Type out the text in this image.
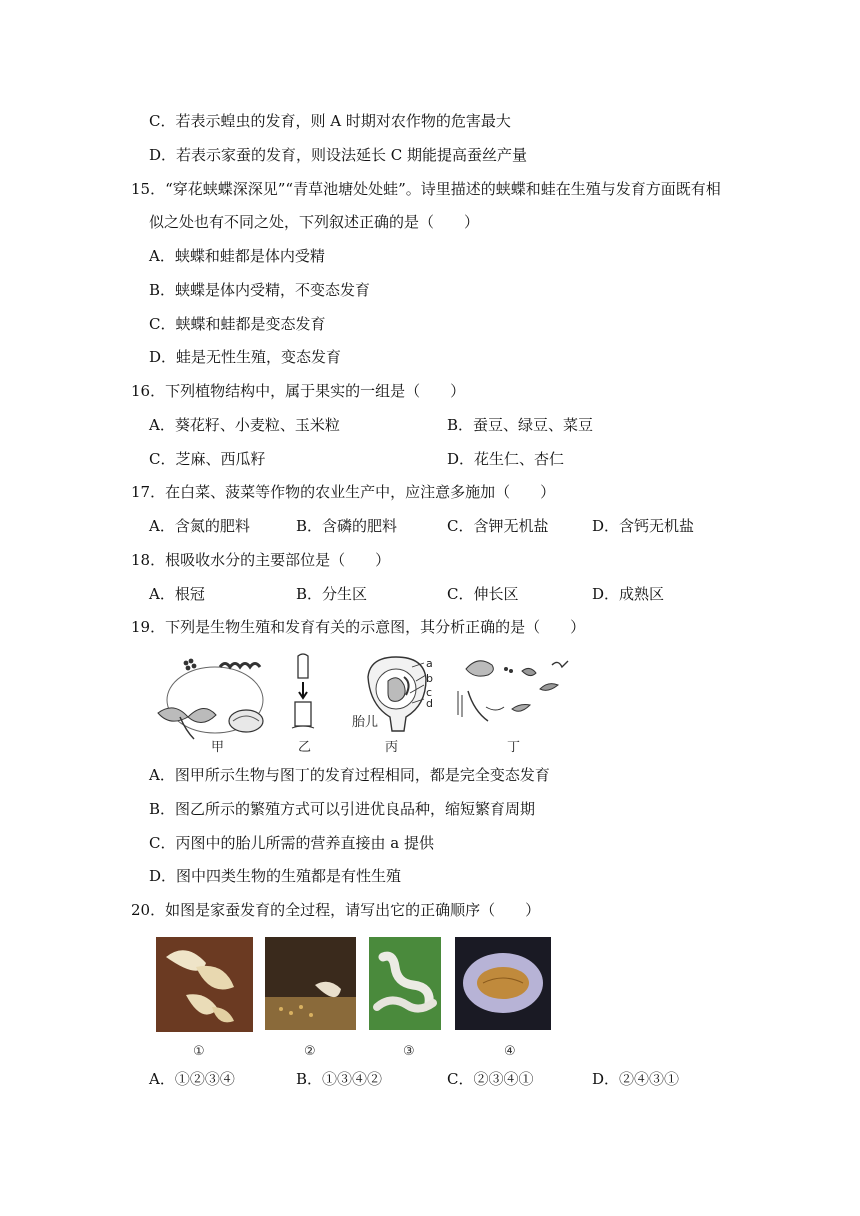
C．若表示蝗虫的发育，则 A 时期对农作物的危害最大
D．若表示家蚕的发育，则设法延长 C 期能提高蚕丝产量
15．“穿花蛱蝶深深见”“青草池塘处处蛙”。诗里描述的蛱蝶和蛙在生殖与发育方面既有相
似之处也有不同之处，下列叙述正确的是（　　）
A．蛱蝶和蛙都是体内受精
B．蛱蝶是体内受精，不变态发育
C．蛱蝶和蛙都是变态发育
D．蛙是无性生殖，变态发育
16．下列植物结构中，属于果实的一组是（　　）
A．葵花籽、小麦粒、玉米粒	B．蚕豆、绿豆、菜豆
C．芝麻、西瓜籽	D．花生仁、杏仁
17．在白菜、菠菜等作物的农业生产中，应注意多施加（　　）
A．含氮的肥料	B．含磷的肥料	C．含钾无机盐	D．含钙无机盐
18．根吸收水分的主要部位是（　　）
A．根冠	B．分生区	C．伸长区	D．成熟区
19．下列是生物生殖和发育有关的示意图，其分析正确的是（　　）
甲	乙
a
b
c
d
胎儿
丙	丁
A．图甲所示生物与图丁的发育过程相同，都是完全变态发育
B．图乙所示的繁殖方式可以引进优良品种，缩短繁育周期
C．丙图中的胎儿所需的营养直接由 a 提供
D．图中四类生物的生殖都是有性生殖
20．如图是家蚕发育的全过程，请写出它的正确顺序（　　）
①	②	③	④
A．①②③④	B．①③④②	C．②③④①	D．②④③①
